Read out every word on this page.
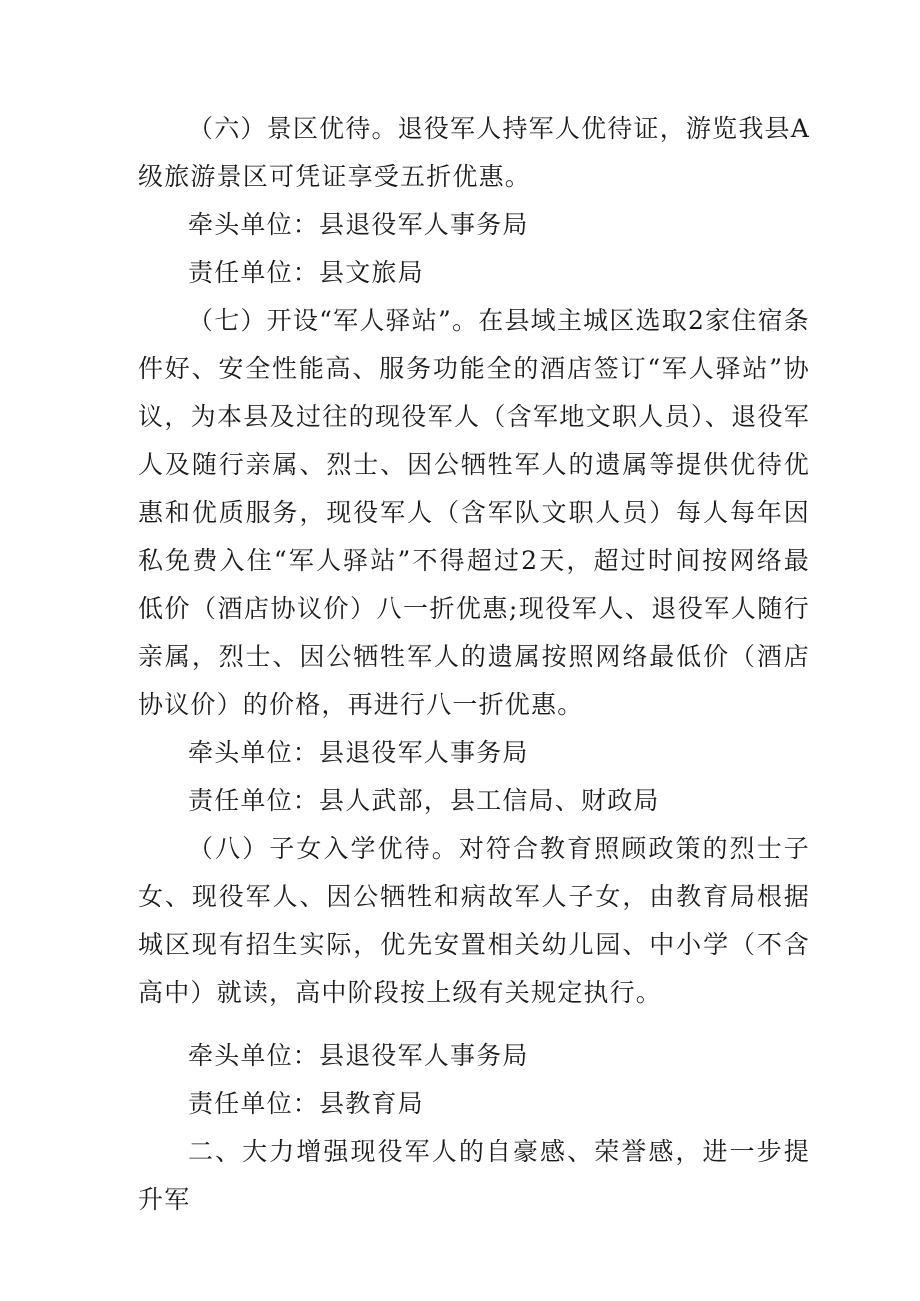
（六）景区优待。退役军人持军人优待证，游览我县A级旅游景区可凭证享受五折优惠。

牵头单位：县退役军人事务局

责任单位：县文旅局

（七）开设“军人驿站”。在县域主城区选取2家住宿条件好、安全性能高、服务功能全的酒店签订“军人驿站”协议，为本县及过往的现役军人（含军地文职人员）、退役军人及随行亲属、烈士、因公牺牲军人的遗属等提供优待优惠和优质服务，现役军人（含军队文职人员）每人每年因私免费入住“军人驿站”不得超过2天，超过时间按网络最低价（酒店协议价）八一折优惠;现役军人、退役军人随行亲属，烈士、因公牺牲军人的遗属按照网络最低价（酒店协议价）的价格，再进行八一折优惠。

牵头单位：县退役军人事务局

责任单位：县人武部，县工信局、财政局

（八）子女入学优待。对符合教育照顾政策的烈士子女、现役军人、因公牺牲和病故军人子女，由教育局根据城区现有招生实际，优先安置相关幼儿园、中小学（不含高中）就读，高中阶段按上级有关规定执行。

牵头单位：县退役军人事务局

责任单位：县教育局

二、大力增强现役军人的自豪感、荣誉感，进一步提升军
